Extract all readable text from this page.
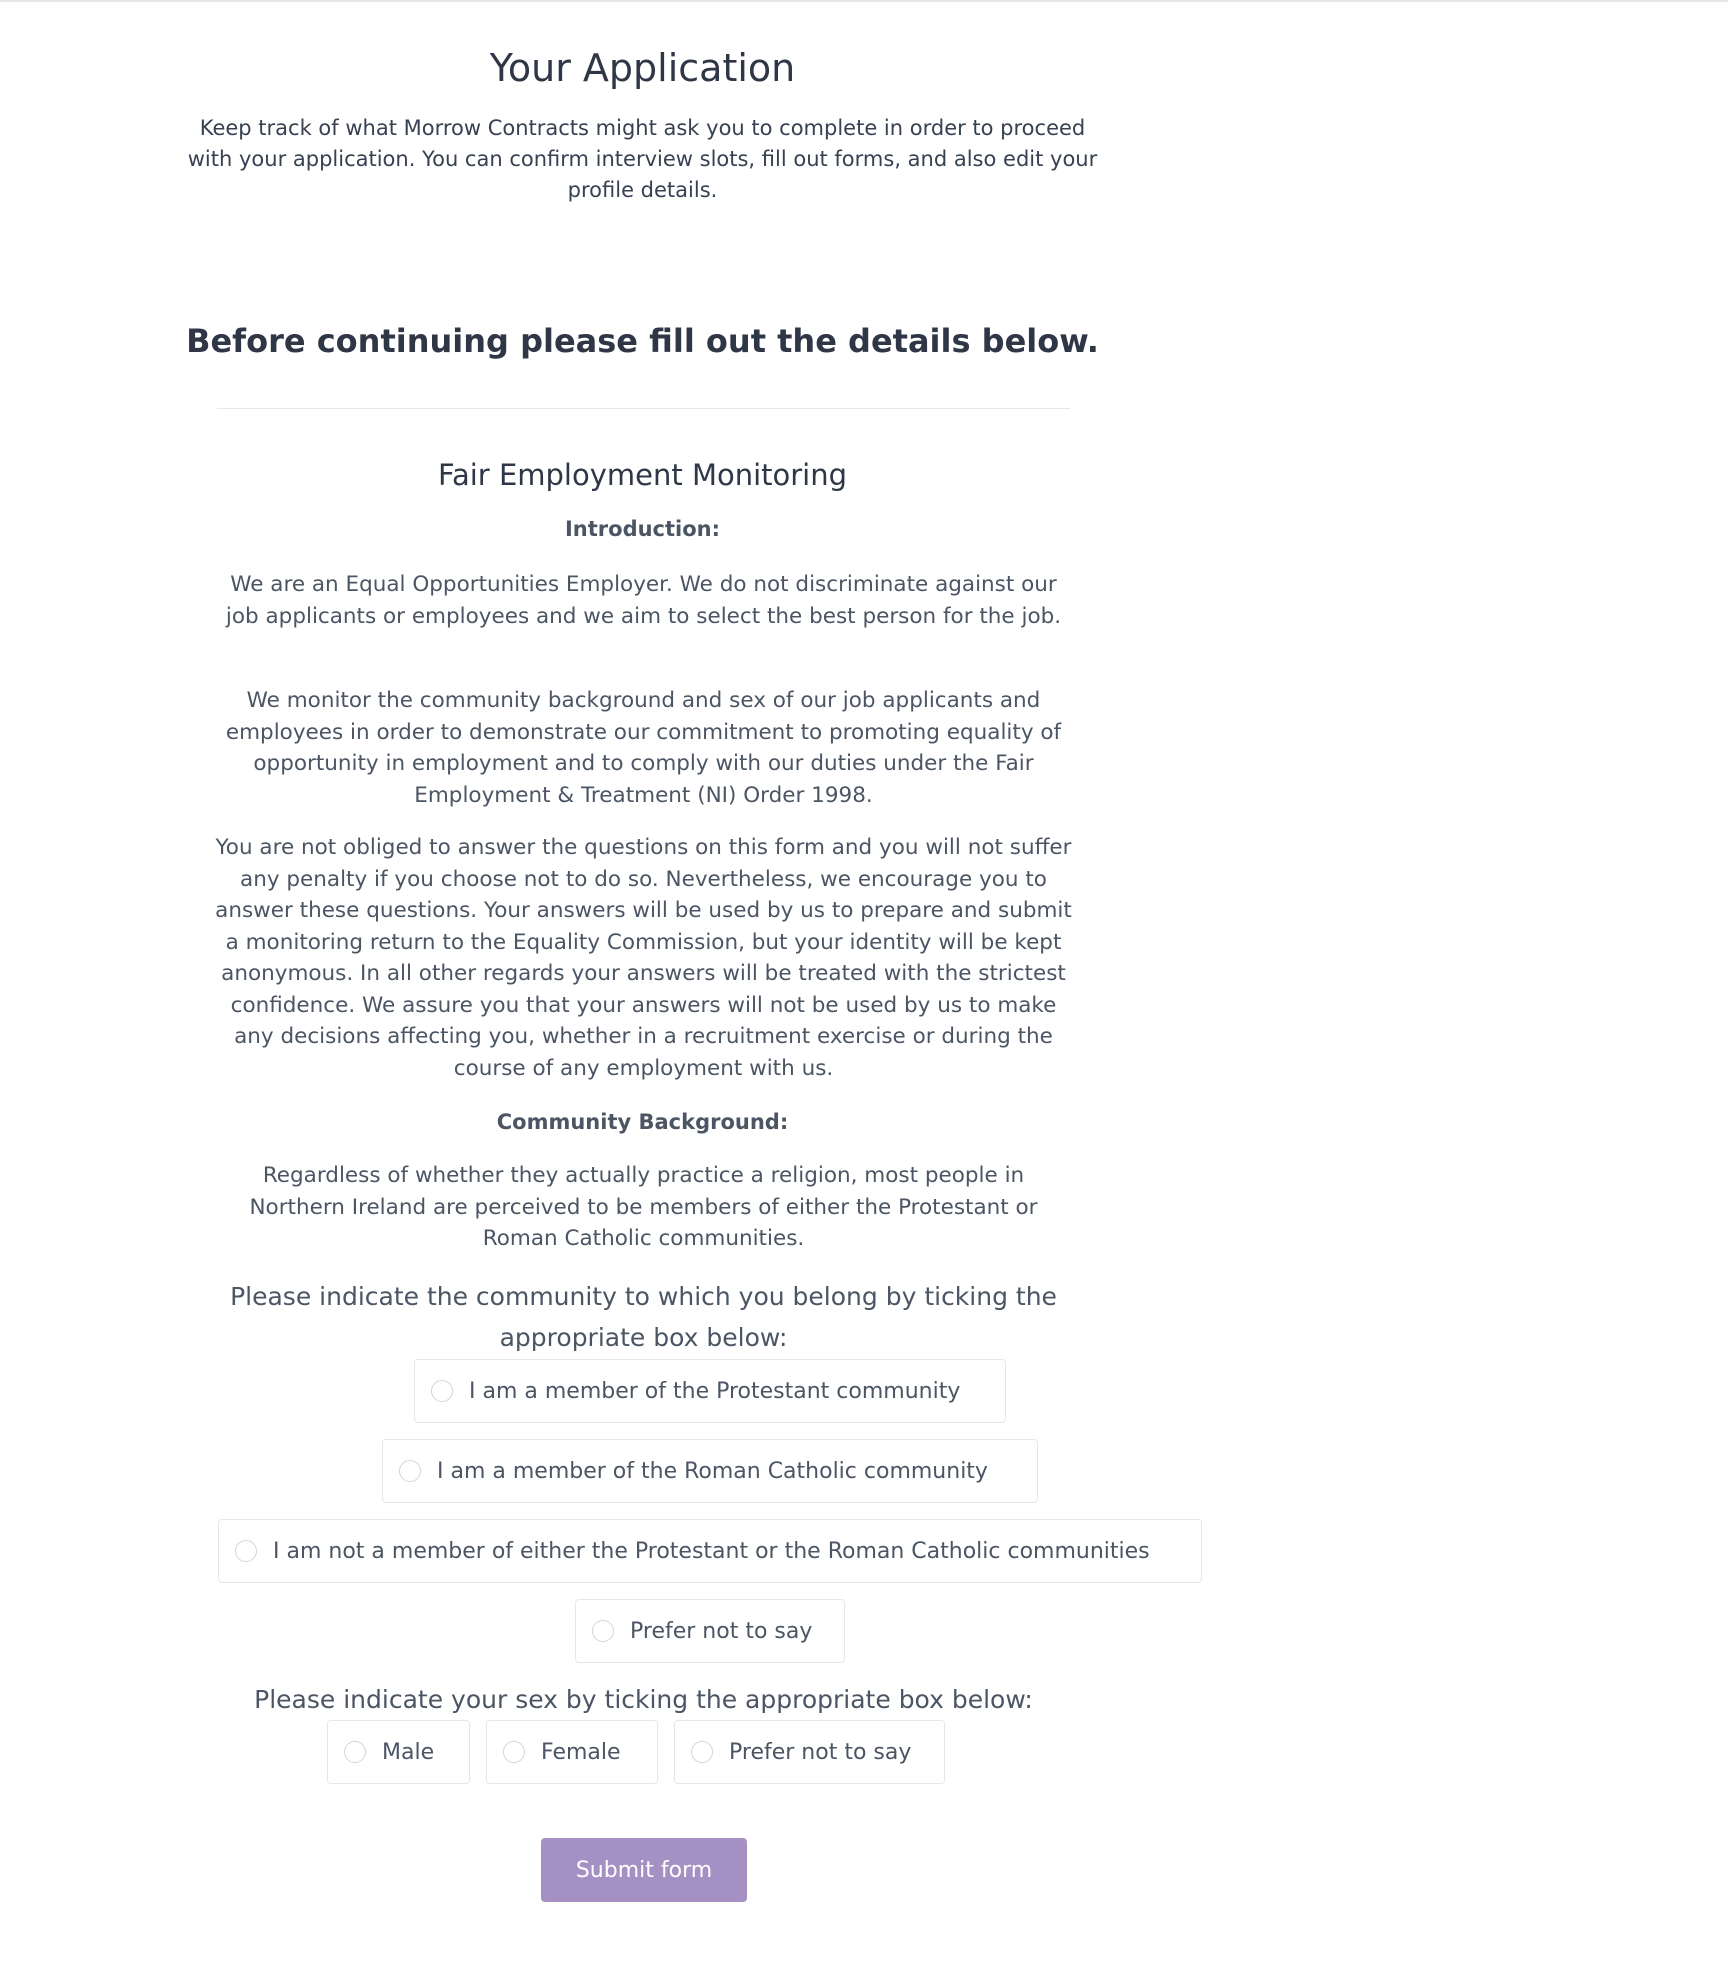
Your Application

Keep track of what Morrow Contracts might ask you to complete in order to proceed with your application. You can confirm interview slots, fill out forms, and also edit your profile details.

Before continuing please fill out the details below.
Fair Employment Monitoring

Introduction:

We are an Equal Opportunities Employer. We do not discriminate against our job applicants or employees and we aim to select the best person for the job.

We monitor the community background and sex of our job applicants and employees in order to demonstrate our commitment to promoting equality of opportunity in employment and to comply with our duties under the Fair Employment & Treatment (NI) Order 1998.

You are not obliged to answer the questions on this form and you will not suffer any penalty if you choose not to do so. Nevertheless, we encourage you to answer these questions. Your answers will be used by us to prepare and submit a monitoring return to the Equality Commission, but your identity will be kept anonymous. In all other regards your answers will be treated with the strictest confidence. We assure you that your answers will not be used by us to make any decisions affecting you, whether in a recruitment exercise or during the course of any employment with us.

Community Background:

Regardless of whether they actually practice a religion, most people in Northern Ireland are perceived to be members of either the Protestant or Roman Catholic communities.

Please indicate the community to which you belong by ticking the appropriate box below:

I am a member of the Protestant community
I am a member of the Roman Catholic community
I am not a member of either the Protestant or the Roman Catholic communities
Prefer not to say

Please indicate your sex by ticking the appropriate box below:

Male	Female	Prefer not to say
Submit form
